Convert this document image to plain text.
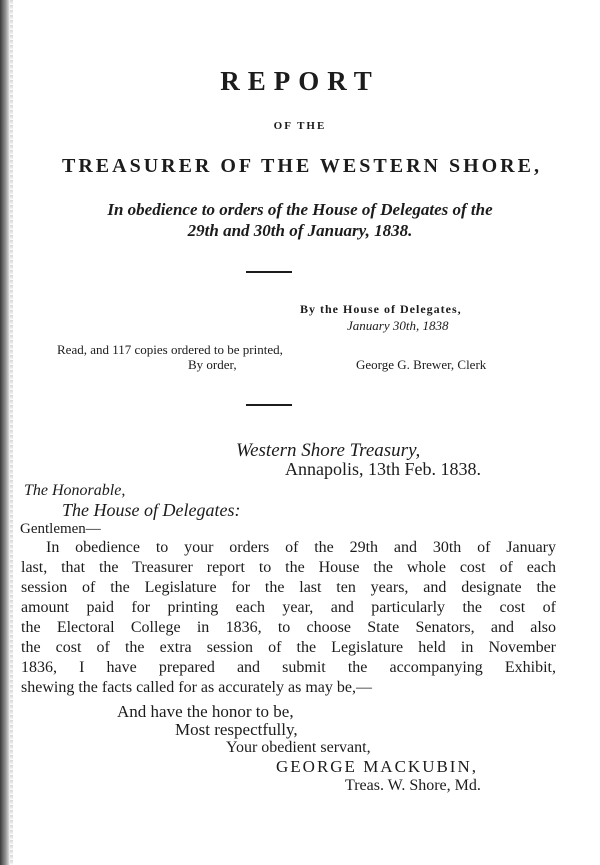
REPORT
OF THE
TREASURER OF THE WESTERN SHORE,
In obedience to orders of the House of Delegates of the
29th and 30th of January, 1838.
By the House of Delegates,
January 30th, 1838
Read, and 117 copies ordered to be printed,
By order,	George G. Brewer, Clerk
Western Shore Treasury,
Annapolis, 13th Feb. 1838.
The Honorable,
The House of Delegates:
Gentlemen—
In obedience to your orders of the 29th and 30th of January
last, that the Treasurer report to the House the whole cost of each
session of the Legislature for the last ten years, and designate the
amount paid for printing each year, and particularly the cost of
the Electoral College in 1836, to choose State Senators, and also
the cost of the extra session of the Legislature held in November
1836, I have prepared and submit the accompanying Exhibit,
shewing the facts called for as accurately as may be,—
And have the honor to be,
Most respectfully,
Your obedient servant,
GEORGE MACKUBIN,
Treas. W. Shore, Md.
